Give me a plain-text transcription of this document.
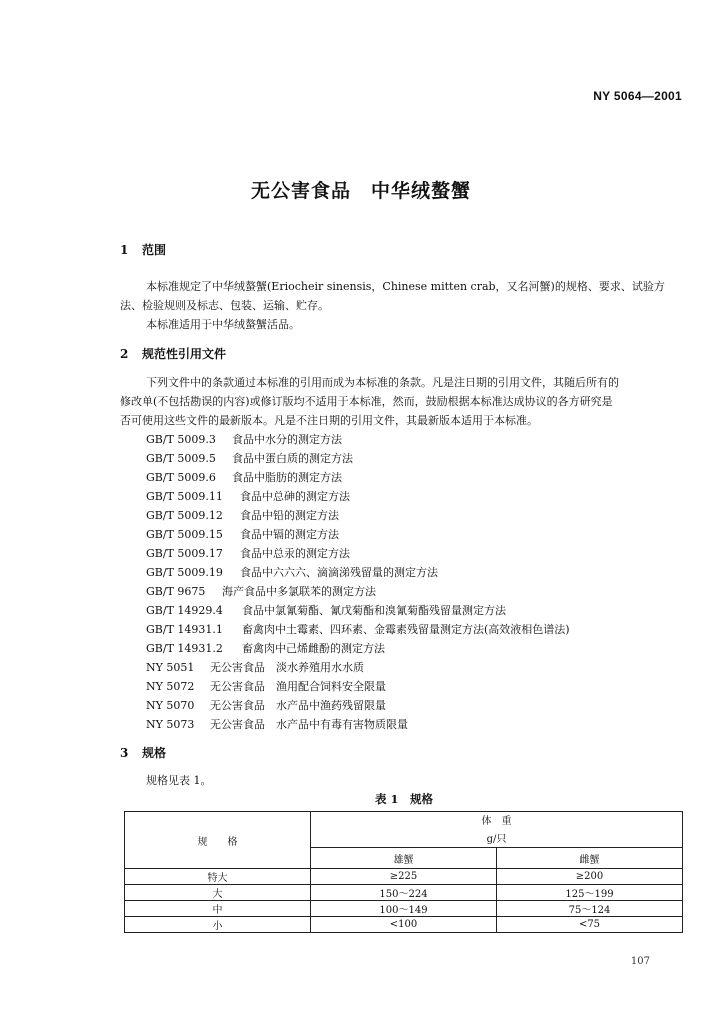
NY 5064—2001
无公害食品　中华绒螯蟹
1 范围
本标准规定了中华绒螯蟹(Eriocheir sinensis，Chinese mitten crab，又名河蟹)的规格、要求、试验方
法、检验规则及标志、包装、运输、贮存。
本标准适用于中华绒螯蟹活品。
2 规范性引用文件
下列文件中的条款通过本标准的引用而成为本标准的条款。凡是注日期的引用文件，其随后所有的
修改单(不包括勘误的内容)或修订版均不适用于本标准，然而，鼓励根据本标准达成协议的各方研究是
否可使用这些文件的最新版本。凡是不注日期的引用文件，其最新版本适用于本标准。
GB/T 5009.3 食品中水分的测定方法
GB/T 5009.5 食品中蛋白质的测定方法
GB/T 5009.6 食品中脂肪的测定方法
GB/T 5009.11 食品中总砷的测定方法
GB/T 5009.12 食品中铅的测定方法
GB/T 5009.15 食品中镉的测定方法
GB/T 5009.17 食品中总汞的测定方法
GB/T 5009.19 食品中六六六、滴滴涕残留量的测定方法
GB/T 9675 海产食品中多氯联苯的测定方法
GB/T 14929.4 食品中氯氰菊酯、氰戊菊酯和溴氰菊酯残留量测定方法
GB/T 14931.1 畜禽肉中土霉素、四环素、金霉素残留量测定方法(高效液相色谱法)
GB/T 14931.2 畜禽肉中己烯雌酚的测定方法
NY 5051 无公害食品　淡水养殖用水水质
NY 5072 无公害食品　渔用配合饲料安全限量
NY 5070 无公害食品　水产品中渔药残留限量
NY 5073 无公害食品　水产品中有毒有害物质限量
3 规格
规格见表 1。
表 1　规格
规　　格	体　重	
	g/只	
	雄蟹	雌蟹
特大	≥225	≥200
大	150～224	125～199
中	100～149	75～124
小	<100	<75
107
